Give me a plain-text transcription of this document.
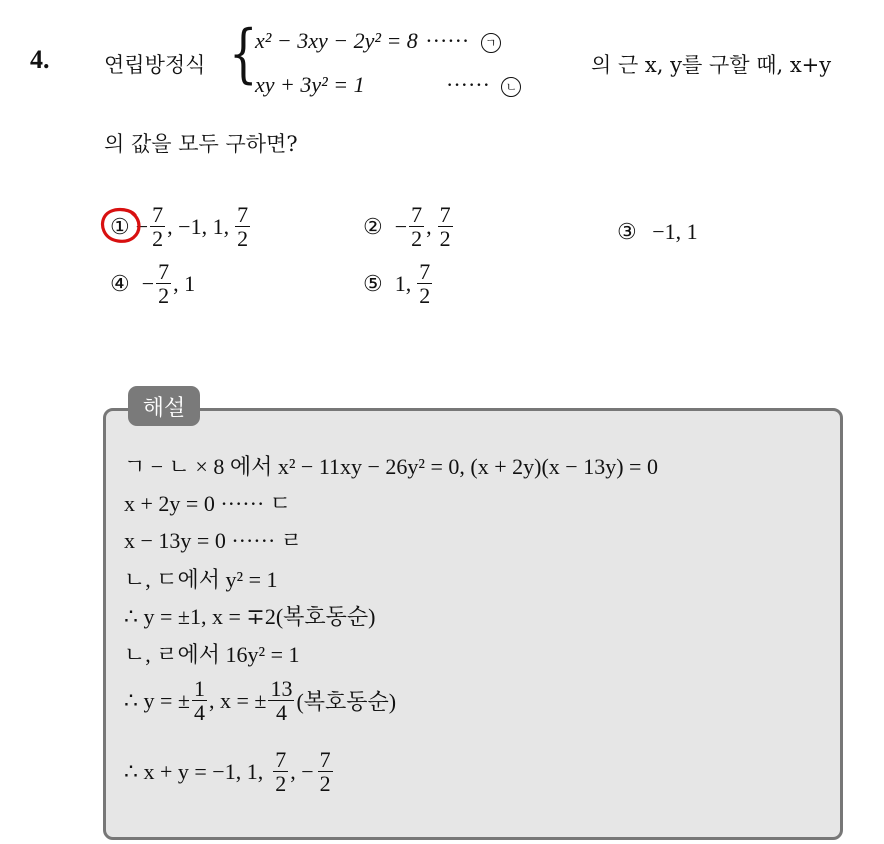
4.	연립방정식 {
x² − 3xy − 2y² = 8 ······ ㄱ
xy + 3y² = 1	······ ㄴ
의 근 x, y를 구할 때, x+y
의 값을 모두 구하면?
① − $\frac{7}{2}$ , −1, 1, $\frac{7}{2}$	② − $\frac{7}{2}$ , $\frac{7}{2}$	③ −1, 1
④ − $\frac{7}{2}$ , 1	⑤ 1, $\frac{7}{2}$
해설
ㄱ − ㄴ × 8 에서 x² − 11xy − 26y² = 0, (x + 2y)(x − 13y) = 0
x + 2y = 0 ······ ㄷ
x − 13y = 0 ······ ㄹ
ㄴ, ㄷ에서 y² = 1
∴ y = ±1, x = ∓2(복호동순)
ㄴ, ㄹ에서 16y² = 1
∴ y = ± $\frac{1}{4}$ , x = ± $\frac{13}{4}$ (복호동순)
∴ x + y = −1, 1, $\frac{7}{2}$ , − $\frac{7}{2}$
